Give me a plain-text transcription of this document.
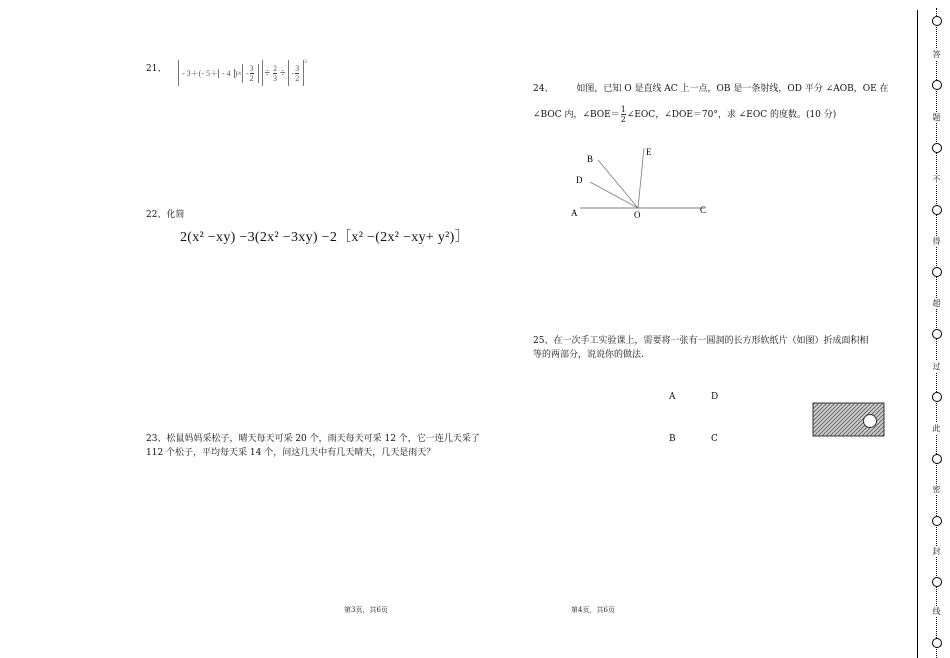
21、 - 3＋(- 5＋ - 4 )× - $\frac{3}{2} \div \frac{2}{3}$ ÷ - $\frac{3}{2}$
$^3$
22、化简
2(x² −xy) −3(2x² −3xy) −2［x² −(2x² −xy+ y²)］
23、松鼠妈妈采松子，晴天每天可采 20 个，雨天每天可采 12 个，它一连几天采了
112 个松子，平均每天采 14 个，问这几天中有几天晴天，几天是雨天？
24、        如图，已知 O 是直线 AC 上一点，OB 是一条射线，OD 平分 ∠AOB，OE 在
∠BOC 内，∠BOE＝ $\frac{1}{2}$ ∠EOC，∠DOE＝70°，求 ∠EOC 的度数。(10 分)
A	O	C
B
D
E
25、在一次手工实验课上，需要将一张有一圆洞的长方形软纸片（如图）折成面积相
等的两部分，说说你的做法.
A	D
B	C
第3页，共6页	第4页，共6页
答
题
不
得
超
过
此
密
封
线
